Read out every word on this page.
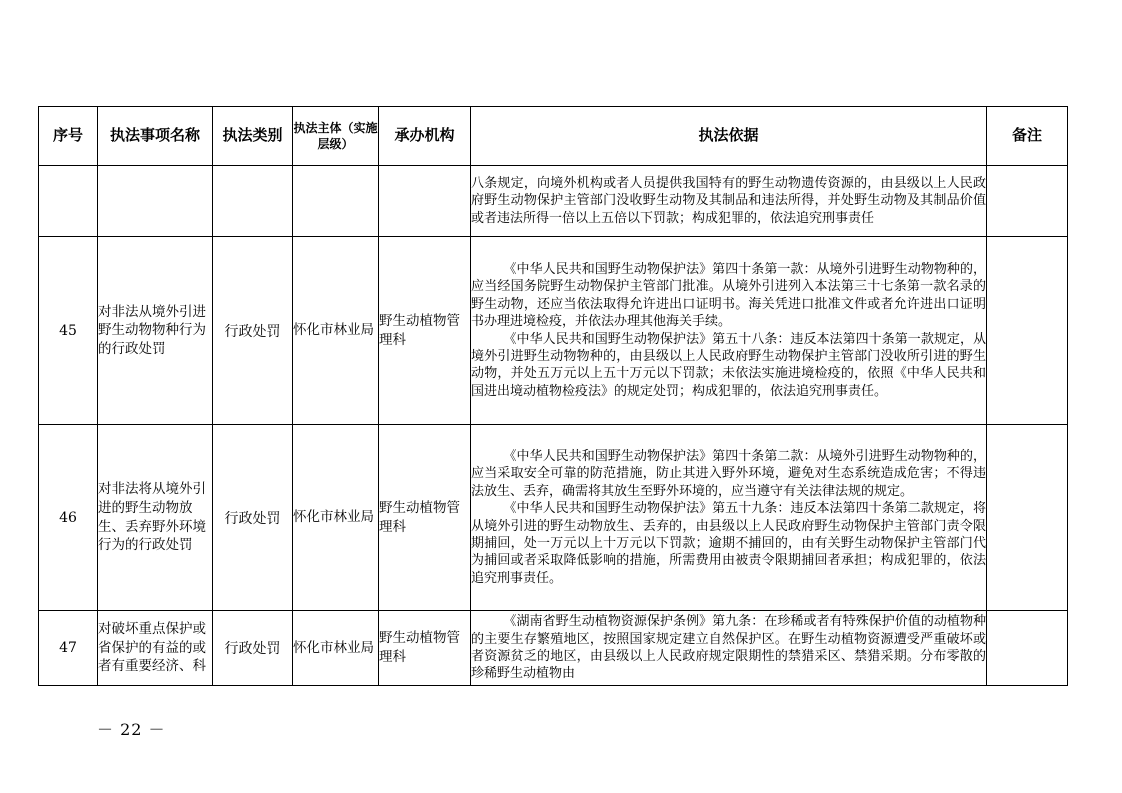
序号	执法事项名称	执法类别	执法主体（实施层级）	承办机构	执法依据	备注

					八条规定，向境外机构或者人员提供我国特有的野生动物遗传资源的，由县级以上人民政府野生动物保护主管部门没收野生动物及其制品和违法所得，并处野生动物及其制品价值或者违法所得一倍以上五倍以下罚款；构成犯罪的，依法追究刑事责任	

45	对非法从境外引进野生动物物种行为的行政处罚	行政处罚	怀化市林业局	野生动植物管理科	《中华人民共和国野生动物保护法》第四十条第一款：从境外引进野生动物物种的，应当经国务院野生动物保护主管部门批准。从境外引进列入本法第三十七条第一款名录的野生动物，还应当依法取得允许进出口证明书。海关凭进口批准文件或者允许进出口证明书办理进境检疫，并依法办理其他海关手续。

《中华人民共和国野生动物保护法》第五十八条：违反本法第四十条第一款规定，从境外引进野生动物物种的，由县级以上人民政府野生动物保护主管部门没收所引进的野生动物，并处五万元以上五十万元以下罚款；未依法实施进境检疫的，依照《中华人民共和国进出境动植物检疫法》的规定处罚；构成犯罪的，依法追究刑事责任。	

46	对非法将从境外引进的野生动物放生、丢弃野外环境行为的行政处罚	行政处罚	怀化市林业局	野生动植物管理科	《中华人民共和国野生动物保护法》第四十条第二款：从境外引进野生动物物种的，应当采取安全可靠的防范措施，防止其进入野外环境，避免对生态系统造成危害；不得违法放生、丢弃，确需将其放生至野外环境的，应当遵守有关法律法规的规定。

《中华人民共和国野生动物保护法》第五十九条：违反本法第四十条第二款规定，将从境外引进的野生动物放生、丢弃的，由县级以上人民政府野生动物保护主管部门责令限期捕回，处一万元以上十万元以下罚款；逾期不捕回的，由有关野生动物保护主管部门代为捕回或者采取降低影响的措施，所需费用由被责令限期捕回者承担；构成犯罪的，依法追究刑事责任。	

47	对破坏重点保护或省保护的有益的或者有重要经济、科	行政处罚	怀化市林业局	野生动植物管理科	《湖南省野生动植物资源保护条例》第九条：在珍稀或者有特殊保护价值的动植物种的主要生存繁殖地区，按照国家规定建立自然保护区。在野生动植物资源遭受严重破坏或者资源贫乏的地区，由县级以上人民政府规定限期性的禁猎采区、禁猎采期。分布零散的珍稀野生动植物由	

－ 22 －
